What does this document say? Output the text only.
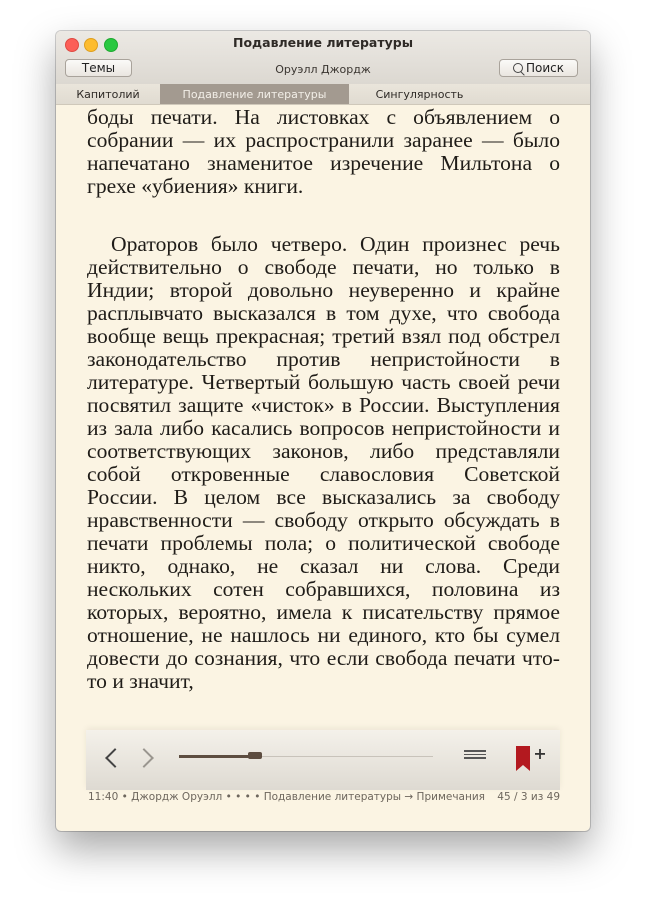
Подавление литературы
Темы	Оруэлл Джордж	Поиск
Капитолий	Подавление литературы	Сингулярность

боды печати. На листовках с объявлением о собрании — их распространили заранее — было напечатано знаменитое изречение Мильтона о грехе «убиения» книги.

Ораторов было четверо. Один произнес речь действительно о свободе печати, но только в Индии; второй довольно неуверенно и крайне расплывчато высказался в том духе, что свобода вообще вещь прекрасная; третий взял под обстрел законодательство против непристойности в литературе. Четвертый большую часть своей речи посвятил защите «чисток» в России. Выступления из зала либо касались вопросов непристойности и соответствующих законов, либо представляли собой откровенные славословия Советской России. В целом все высказались за свободу нравственности — свободу открыто обсуждать в печати проблемы пола; о политической свободе никто, однако, не сказал ни слова. Среди нескольких сотен собравшихся, половина из которых, вероятно, имела к писательству прямое отношение, не нашлось ни единого, кто бы сумел довести до сознания, что если свобода печати что-то и значит,

11:40 • Джордж Оруэлл • • • • Подавление литературы → Примечания 45 / 3 из 49
